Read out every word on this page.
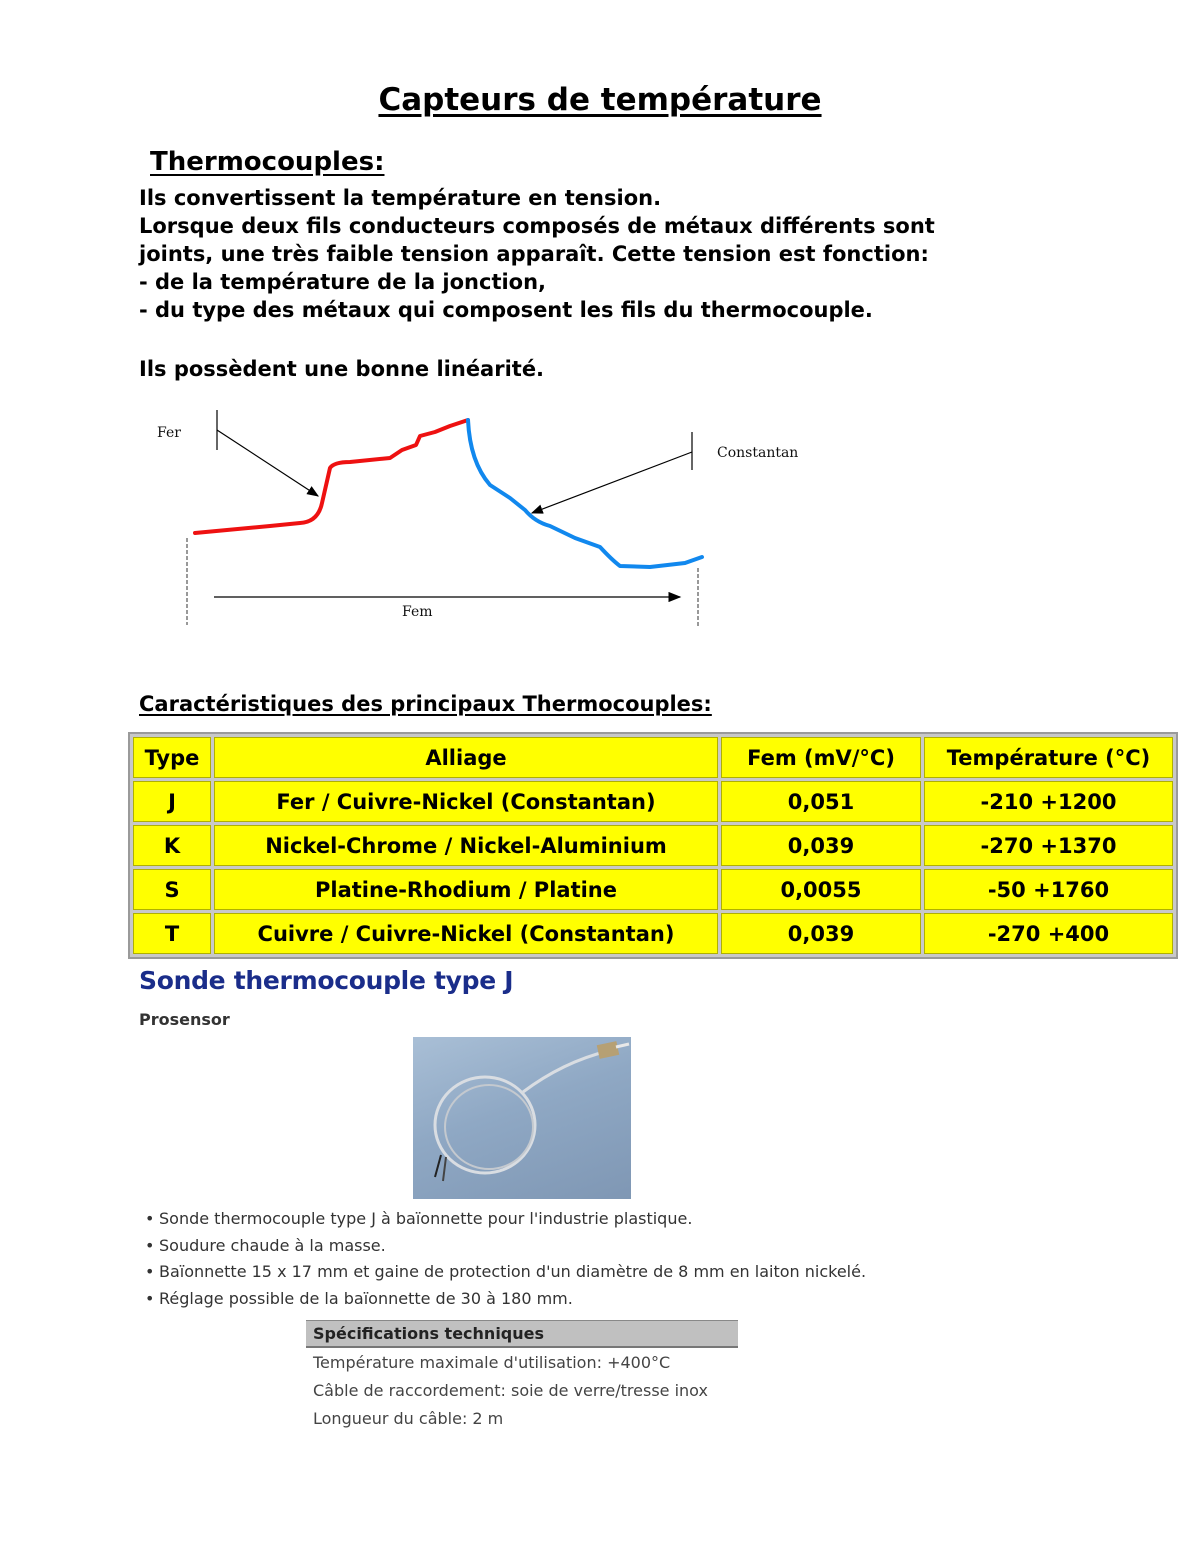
Capteurs de température
Thermocouples:
Ils convertissent la température en tension.
Lorsque deux fils conducteurs composés de métaux différents sont
joints, une très faible tension apparaît. Cette tension est fonction:
- de la température de la jonction,
- du type des métaux qui composent les fils du thermocouple.
Ils possèdent une bonne linéarité.
Fer
Constantan
Fem
Caractéristiques des principaux Thermocouples:
Type	Alliage	Fem (mV/°C)	Température (°C)
J	Fer / Cuivre-Nickel (Constantan)	0,051	-210 +1200
K	Nickel-Chrome / Nickel-Aluminium	0,039	-270 +1370
S	Platine-Rhodium / Platine	0,0055	-50 +1760
T	Cuivre / Cuivre-Nickel (Constantan)	0,039	-270 +400
Sonde thermocouple type J
Prosensor
• Sonde thermocouple type J à baïonnette pour l'industrie plastique.
• Soudure chaude à la masse.
• Baïonnette 15 x 17 mm et gaine de protection d'un diamètre de 8 mm en laiton nickelé.
• Réglage possible de la baïonnette de 30 à 180 mm.
Spécifications techniques
Température maximale d'utilisation: +400°C
Câble de raccordement: soie de verre/tresse inox
Longueur du câble: 2 m
